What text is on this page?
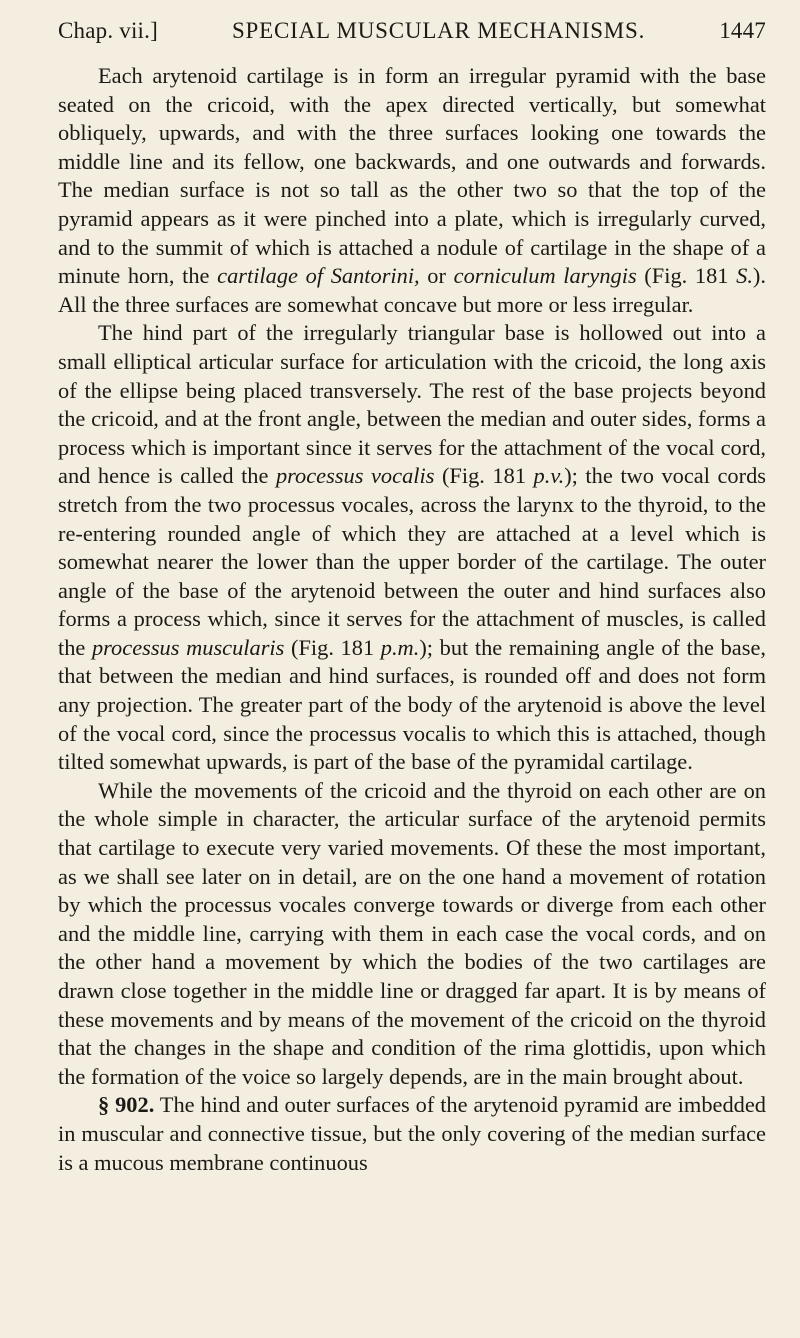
Chap. vii.]	SPECIAL MUSCULAR MECHANISMS.	1447

Each arytenoid cartilage is in form an irregular pyramid with the base seated on the cricoid, with the apex directed vertically, but somewhat obliquely, upwards, and with the three surfaces looking one towards the middle line and its fellow, one backwards, and one outwards and forwards. The median surface is not so tall as the other two so that the top of the pyramid appears as it were pinched into a plate, which is irregularly curved, and to the summit of which is attached a nodule of cartilage in the shape of a minute horn, the cartilage of Santorini, or corniculum laryngis (Fig. 181 S.). All the three surfaces are somewhat concave but more or less irregular.

The hind part of the irregularly triangular base is hollowed out into a small elliptical articular surface for articulation with the cricoid, the long axis of the ellipse being placed transversely. The rest of the base projects beyond the cricoid, and at the front angle, between the median and outer sides, forms a process which is important since it serves for the attachment of the vocal cord, and hence is called the processus vocalis (Fig. 181 p.v.); the two vocal cords stretch from the two processus vocales, across the larynx to the thyroid, to the re-entering rounded angle of which they are attached at a level which is somewhat nearer the lower than the upper border of the cartilage. The outer angle of the base of the arytenoid between the outer and hind surfaces also forms a process which, since it serves for the attachment of muscles, is called the processus muscularis (Fig. 181 p.m.); but the remaining angle of the base, that between the median and hind surfaces, is rounded off and does not form any projection. The greater part of the body of the arytenoid is above the level of the vocal cord, since the processus vocalis to which this is attached, though tilted somewhat upwards, is part of the base of the pyramidal cartilage.

While the movements of the cricoid and the thyroid on each other are on the whole simple in character, the articular surface of the arytenoid permits that cartilage to execute very varied movements. Of these the most important, as we shall see later on in detail, are on the one hand a movement of rotation by which the processus vocales converge towards or diverge from each other and the middle line, carrying with them in each case the vocal cords, and on the other hand a movement by which the bodies of the two cartilages are drawn close together in the middle line or dragged far apart. It is by means of these movements and by means of the movement of the cricoid on the thyroid that the changes in the shape and condition of the rima glottidis, upon which the formation of the voice so largely depends, are in the main brought about.

§ 902. The hind and outer surfaces of the arytenoid pyramid are imbedded in muscular and connective tissue, but the only covering of the median surface is a mucous membrane continuous
